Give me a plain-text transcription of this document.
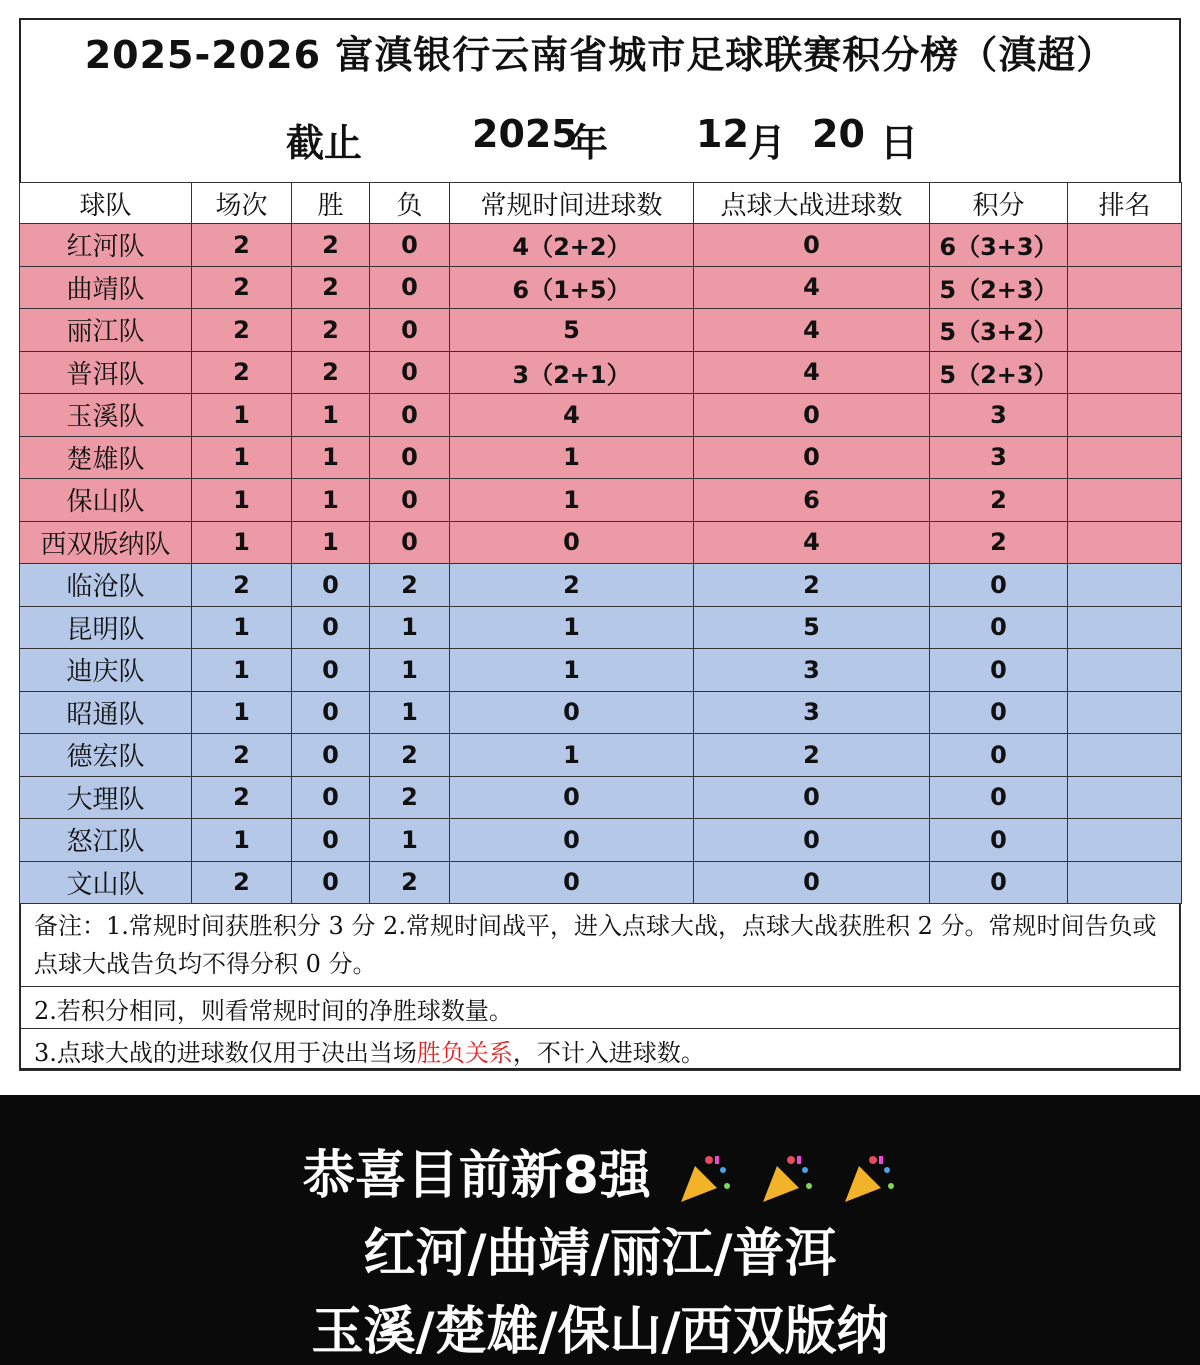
2025-2026 富滇银行云南省城市足球联赛积分榜（滇超）
截止	2025
年 12 月 20 日
球队	场次	胜	负	常规时间进球数	点球大战进球数	积分	排名
红河队	2	2	0	4（2+2）	0	6（3+3）	
曲靖队	2	2	0	6（1+5）	4	5（2+3）	
丽江队	2	2	0	5	4	5（3+2）	
普洱队	2	2	0	3（2+1）	4	5（2+3）	
玉溪队	1	1	0	4	0	3	
楚雄队	1	1	0	1	0	3	
保山队	1	1	0	1	6	2	
西双版纳队	1	1	0	0	4	2	
临沧队	2	0	2	2	2	0	
昆明队	1	0	1	1	5	0	
迪庆队	1	0	1	1	3	0	
昭通队	1	0	1	0	3	0	
德宏队	2	0	2	1	2	0	
大理队	2	0	2	0	0	0	
怒江队	1	0	1	0	0	0	
文山队	2	0	2	0	0	0	
备注：1.常规时间获胜积分 3 分 2.常规时间战平，进入点球大战，点球大战获胜积 2 分。常规时间告负或点球大战告负均不得分积 0 分。
2.若积分相同，则看常规时间的净胜球数量。
3.点球大战的进球数仅用于决出当场胜负关系，不计入进球数。
恭喜目前新8强
红河/曲靖/丽江/普洱
玉溪/楚雄/保山/西双版纳
